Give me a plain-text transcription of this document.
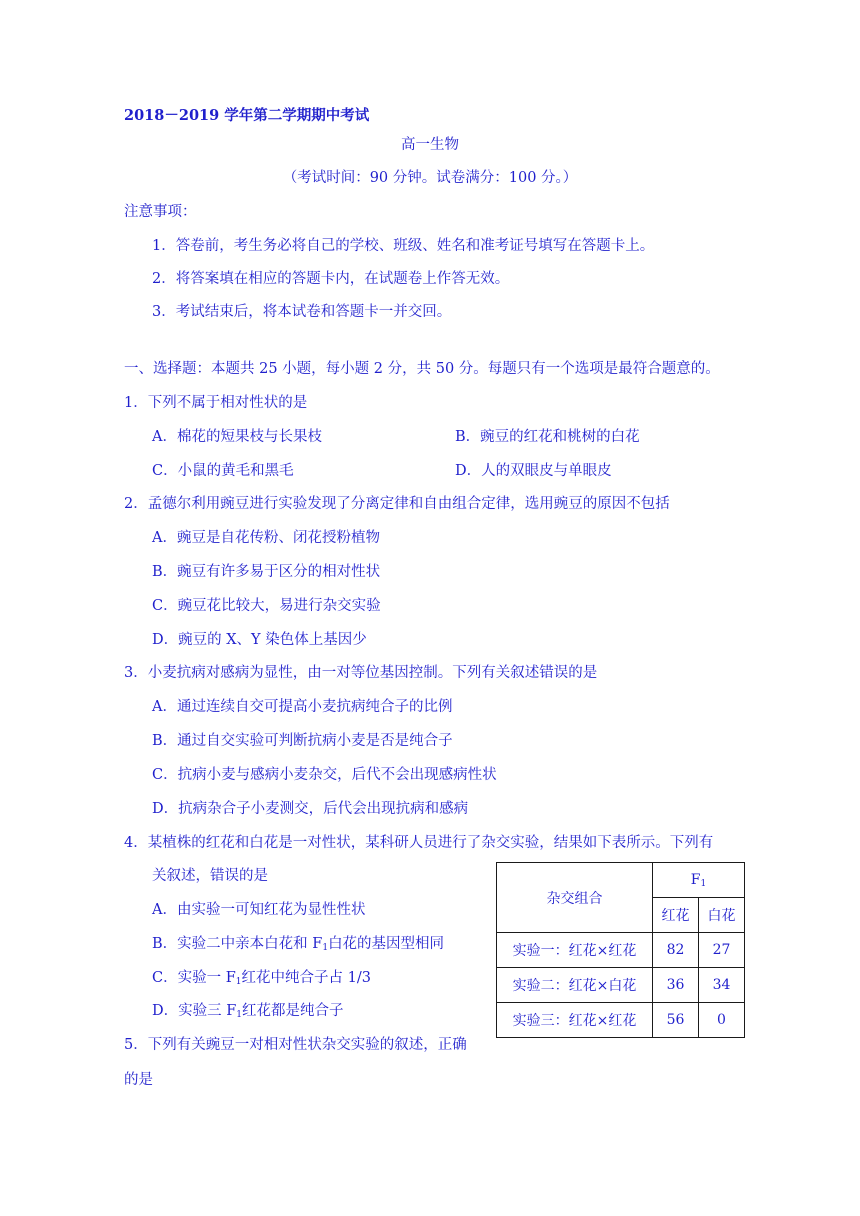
2018－2019 学年第二学期期中考试
高一生物
（考试时间：90 分钟。试卷满分：100 分。）
注意事项：
1．答卷前，考生务必将自己的学校、班级、姓名和准考证号填写在答题卡上。
2．将答案填在相应的答题卡内，在试题卷上作答无效。
3．考试结束后，将本试卷和答题卡一并交回。
一、选择题：本题共 25 小题，每小题 2 分，共 50 分。每题只有一个选项是最符合题意的。
1．下列不属于相对性状的是
A．棉花的短果枝与长果枝	B．豌豆的红花和桃树的白花
C．小鼠的黄毛和黑毛	D．人的双眼皮与单眼皮
2．孟德尔利用豌豆进行实验发现了分离定律和自由组合定律，选用豌豆的原因不包括
A．豌豆是自花传粉、闭花授粉植物
B．豌豆有许多易于区分的相对性状
C．豌豆花比较大，易进行杂交实验
D．豌豆的 X、Y 染色体上基因少
3．小麦抗病对感病为显性，由一对等位基因控制。下列有关叙述错误的是
A．通过连续自交可提高小麦抗病纯合子的比例
B．通过自交实验可判断抗病小麦是否是纯合子
C．抗病小麦与感病小麦杂交，后代不会出现感病性状
D．抗病杂合子小麦测交，后代会出现抗病和感病
4．某植株的红花和白花是一对性状，某科研人员进行了杂交实验，结果如下表所示。下列有
关叙述，错误的是
A．由实验一可知红花为显性性状
B．实验二中亲本白花和 $F_1$白花的基因型相同
C．实验一 $F_1$红花中纯合子占 1/3
D．实验三 $F_1$红花都是纯合子
5．下列有关豌豆一对相对性状杂交实验的叙述，正确
的是
杂交组合	$F_1$
	红花	白花
实验一：红花×红花	82	27
实验二：红花×白花	36	34
实验三：红花×红花	56	0
